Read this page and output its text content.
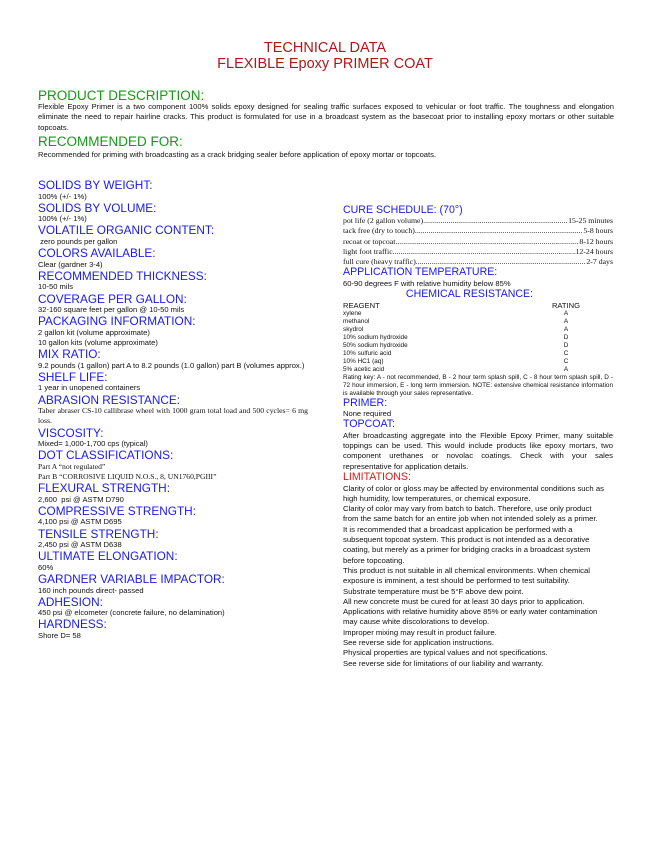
TECHNICAL DATA
FLEXIBLE Epoxy PRIMER COAT
PRODUCT DESCRIPTION:
Flexible Epoxy Primer is a two component 100% solids epoxy designed for sealing traffic surfaces exposed to vehicular or foot traffic. The toughness and elongation eliminate the need to repair hairline cracks. This product is formulated for use in a broadcast system as the basecoat prior to installing epoxy mortars or other suitable topcoats.
RECOMMENDED FOR:
Recommended for priming with broadcasting as a crack bridging sealer before application of epoxy mortar or topcoats.
SOLIDS BY WEIGHT:
100% (+/- 1%)
SOLIDS BY VOLUME:
100% (+/- 1%)
VOLATILE ORGANIC CONTENT:
zero pounds per gallon
COLORS AVAILABLE:
Clear (gardner 3-4)
RECOMMENDED THICKNESS:
10-50 mils
COVERAGE PER GALLON:
32-160 square feet per gallon @ 10-50 mils
PACKAGING INFORMATION:
2 gallon kit (volume approximate)
10 gallon kits (volume approximate)
MIX RATIO:
9.2 pounds (1 gallon) part A to 8.2 pounds (1.0 gallon) part B (volumes approx.)
SHELF LIFE:
1 year in unopened containers
ABRASION RESISTANCE:
Taber abraser CS-10 callibrase wheel with 1000 gram total load and 500 cycles= 6 mg loss.
VISCOSITY:
Mixed= 1,000-1,700 cps (typical)
DOT CLASSIFICATIONS:
Part A “not regulated”
Part B “CORROSIVE LIQUID N.O.S., 8, UN1760,PGIII”
FLEXURAL STRENGTH:
2,600  psi @ ASTM D790
COMPRESSIVE STRENGTH:
4,100 psi @ ASTM D695
TENSILE STRENGTH:
2,450 psi @ ASTM D638
ULTIMATE ELONGATION:
60%
GARDNER VARIABLE IMPACTOR:
160 inch pounds direct- passed
ADHESION:
450 psi @ elcometer (concrete failure, no delamination)
HARDNESS:
Shore D= 58
CURE SCHEDULE: (70°)
pot life (2 gallon volume) .....	15-25 minutes
tack free (dry to touch) .....	5-8 hours
recoat or topcoat .....	8-12 hours
light foot traffic .....	12-24 hours
full cure (heavy traffic)... .....	2-7 days
APPLICATION TEMPERATURE:
60-90 degrees F with relative humidity below 85%
CHEMICAL RESISTANCE:
REAGENT	RATING
xylene	A
methanol	A
skydrol	A
10% sodium hydroxide	D
50% sodium hydroxide	D
10% sulfuric acid	C
10% HC1 (aq)	C
5% acetic acid	A
Rating key: A - not recommended, B - 2 hour term splash spill, C - 8 hour term splash spill, D - 72 hour immersion, E - long term immersion. NOTE: extensive chemical resistance information is available through your sales representative.
PRIMER:
None required
TOPCOAT:
After broadcasting aggregate into the Flexible Epoxy Primer, many suitable toppings can be used. This would include products like epoxy mortars, two component urethanes or novolac coatings. Check with your sales representative for application details.
LIMITATIONS:
Clarity of color or gloss may be affected by environmental conditions such as high humidity, low temperatures, or chemical exposure.
Clarity of color may vary from batch to batch. Therefore, use only product from the same batch for an entire job when not intended solely as a primer.
It is recommended that a broadcast application be performed with a subsequent topcoat system. This product is not intended as a decorative coating, but merely as a primer for bridging cracks in a broadcast system before topcoating.
This product is not suitable in all chemical environments. When chemical exposure is imminent, a test should be performed to test suitability.
Substrate temperature must be 5°F above dew point.
All new concrete must be cured for at least 30 days prior to application.
Applications with relative humidity above 85% or early water contamination may cause white discolorations to develop.
Improper mixing may result in product failure.
See reverse side for application instructions.
Physical properties are typical values and not specifications.
See reverse side for limitations of our liability and warranty.
